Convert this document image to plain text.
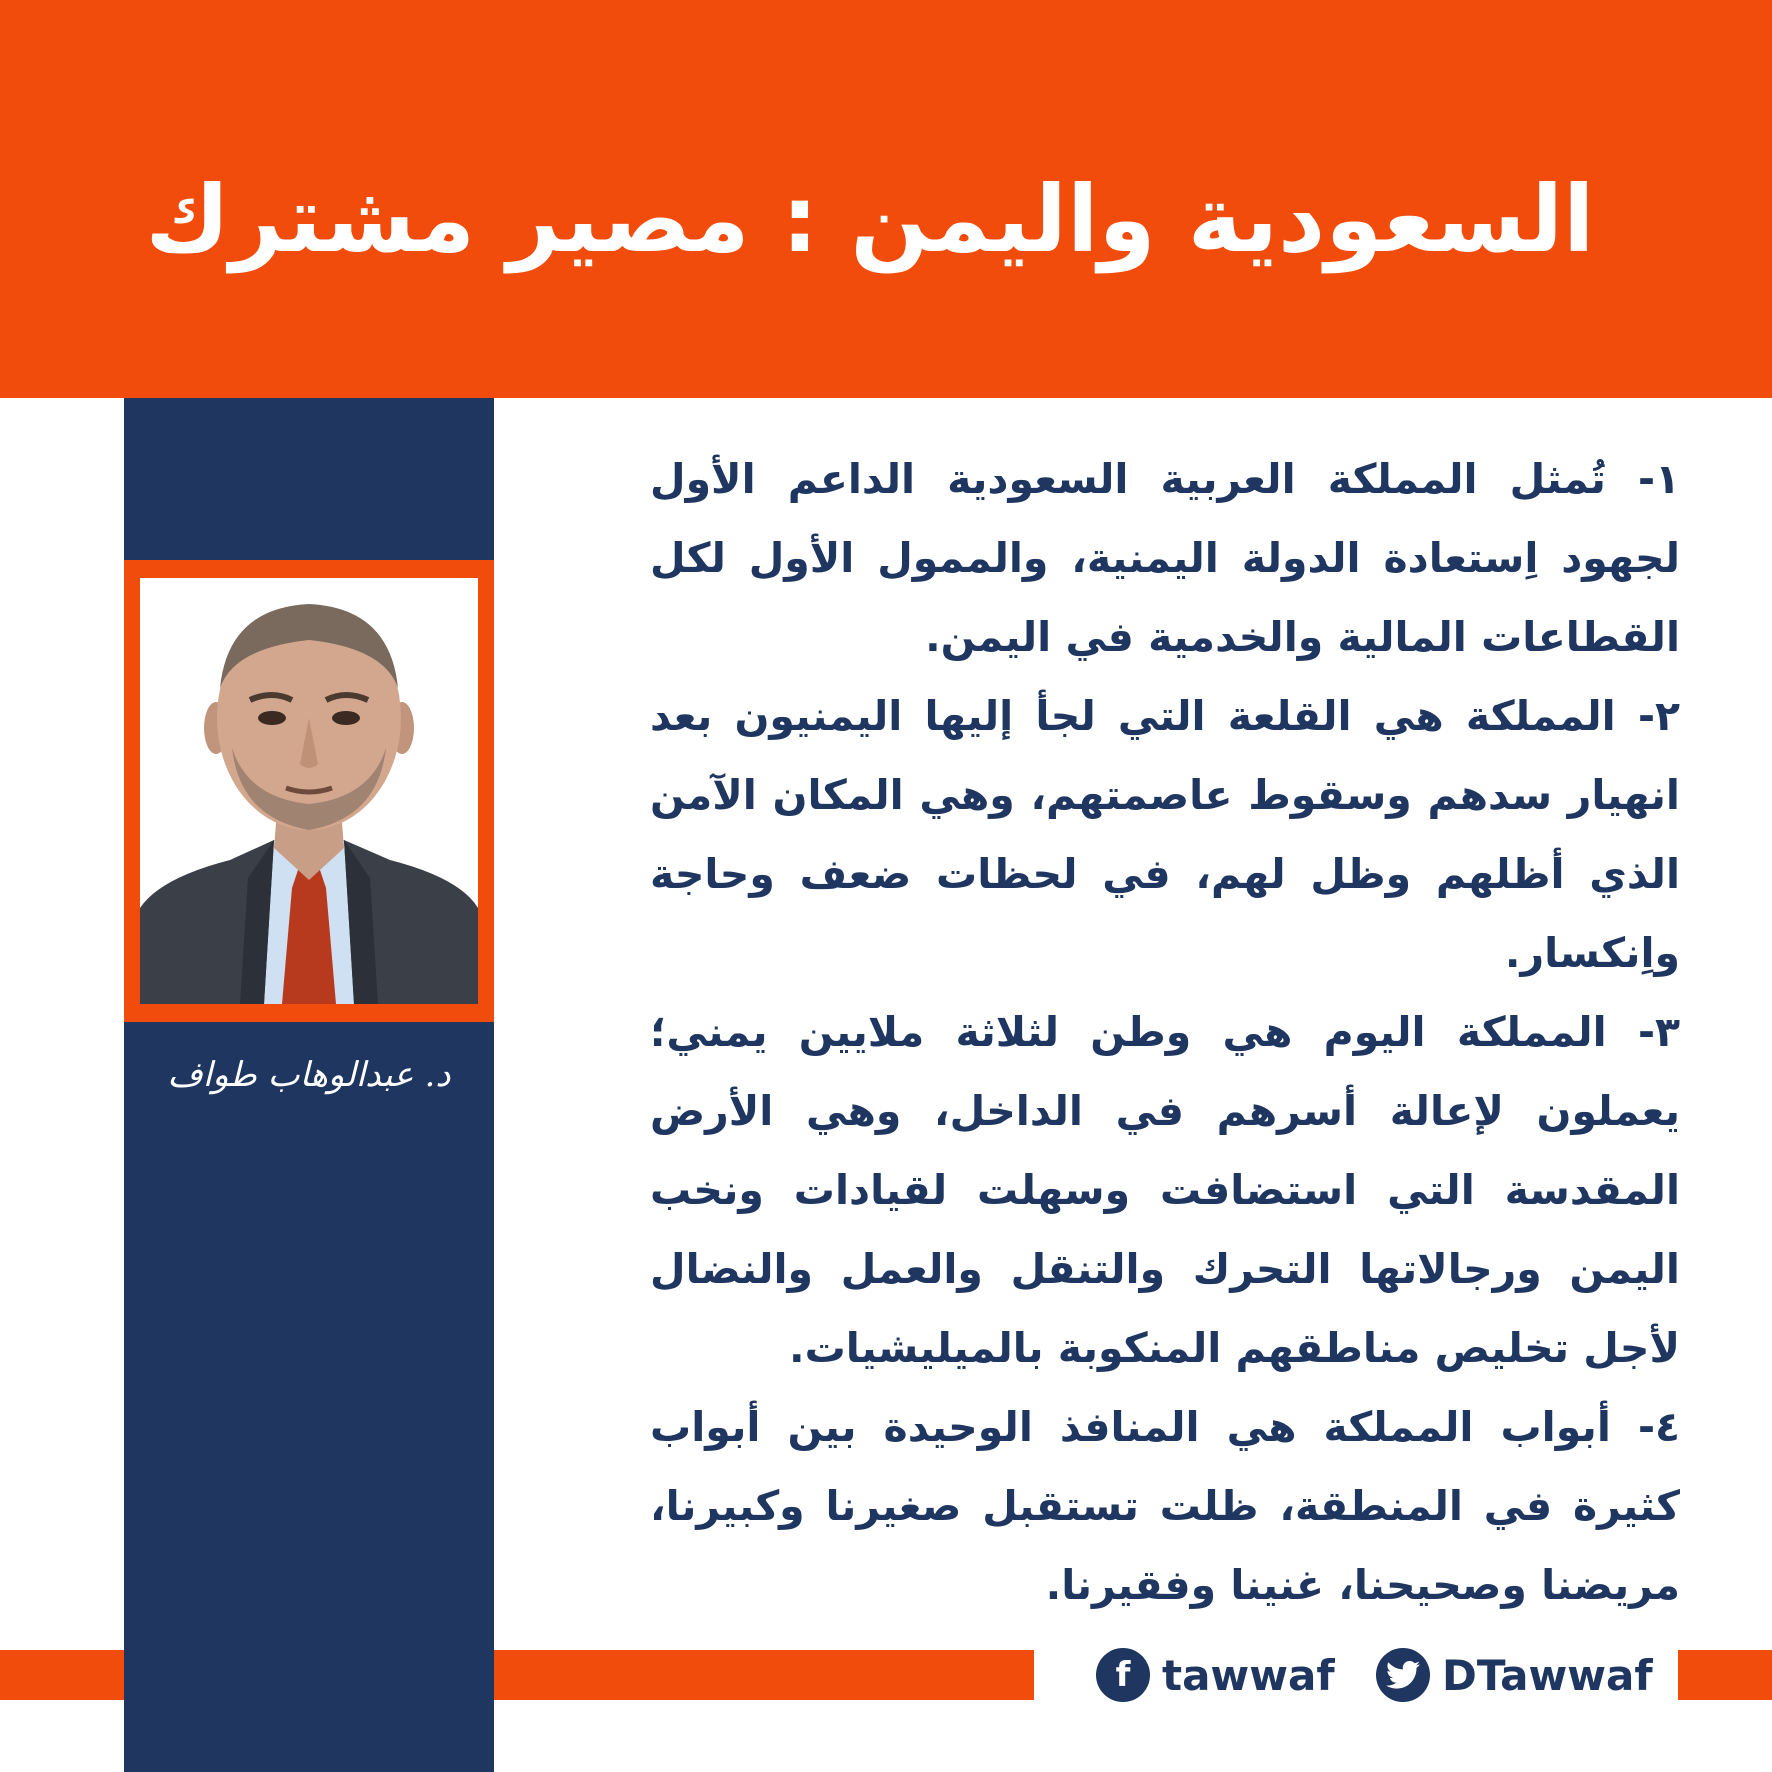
السعودية واليمن : مصير مشترك
د. عبدالوهاب طواف

١- تُمثل المملكة العربية السعودية الداعم الأول لجهود اِستعادة الدولة اليمنية، والممول الأول لكل القطاعات المالية والخدمية في اليمن.

٢- المملكة هي القلعة التي لجأ إليها اليمنيون بعد انهيار سدهم وسقوط عاصمتهم، وهي المكان الآمن الذي أظلهم وظل لهم، في لحظات ضعف وحاجة واِنكسار.

٣- المملكة اليوم هي وطن لثلاثة ملايين يمني؛ يعملون لإعالة أسرهم في الداخل، وهي الأرض المقدسة التي استضافت وسهلت لقيادات ونخب اليمن ورجالاتها التحرك والتنقل والعمل والنضال لأجل تخليص مناطقهم المنكوبة بالميليشيات.

٤- أبواب المملكة هي المنافذ الوحيدة بين أبواب كثيرة في المنطقة، ظلت تستقبل صغيرنا وكبيرنا، مريضنا وصحيحنا، غنينا وفقيرنا.

f tawwaf	DTawwaf
